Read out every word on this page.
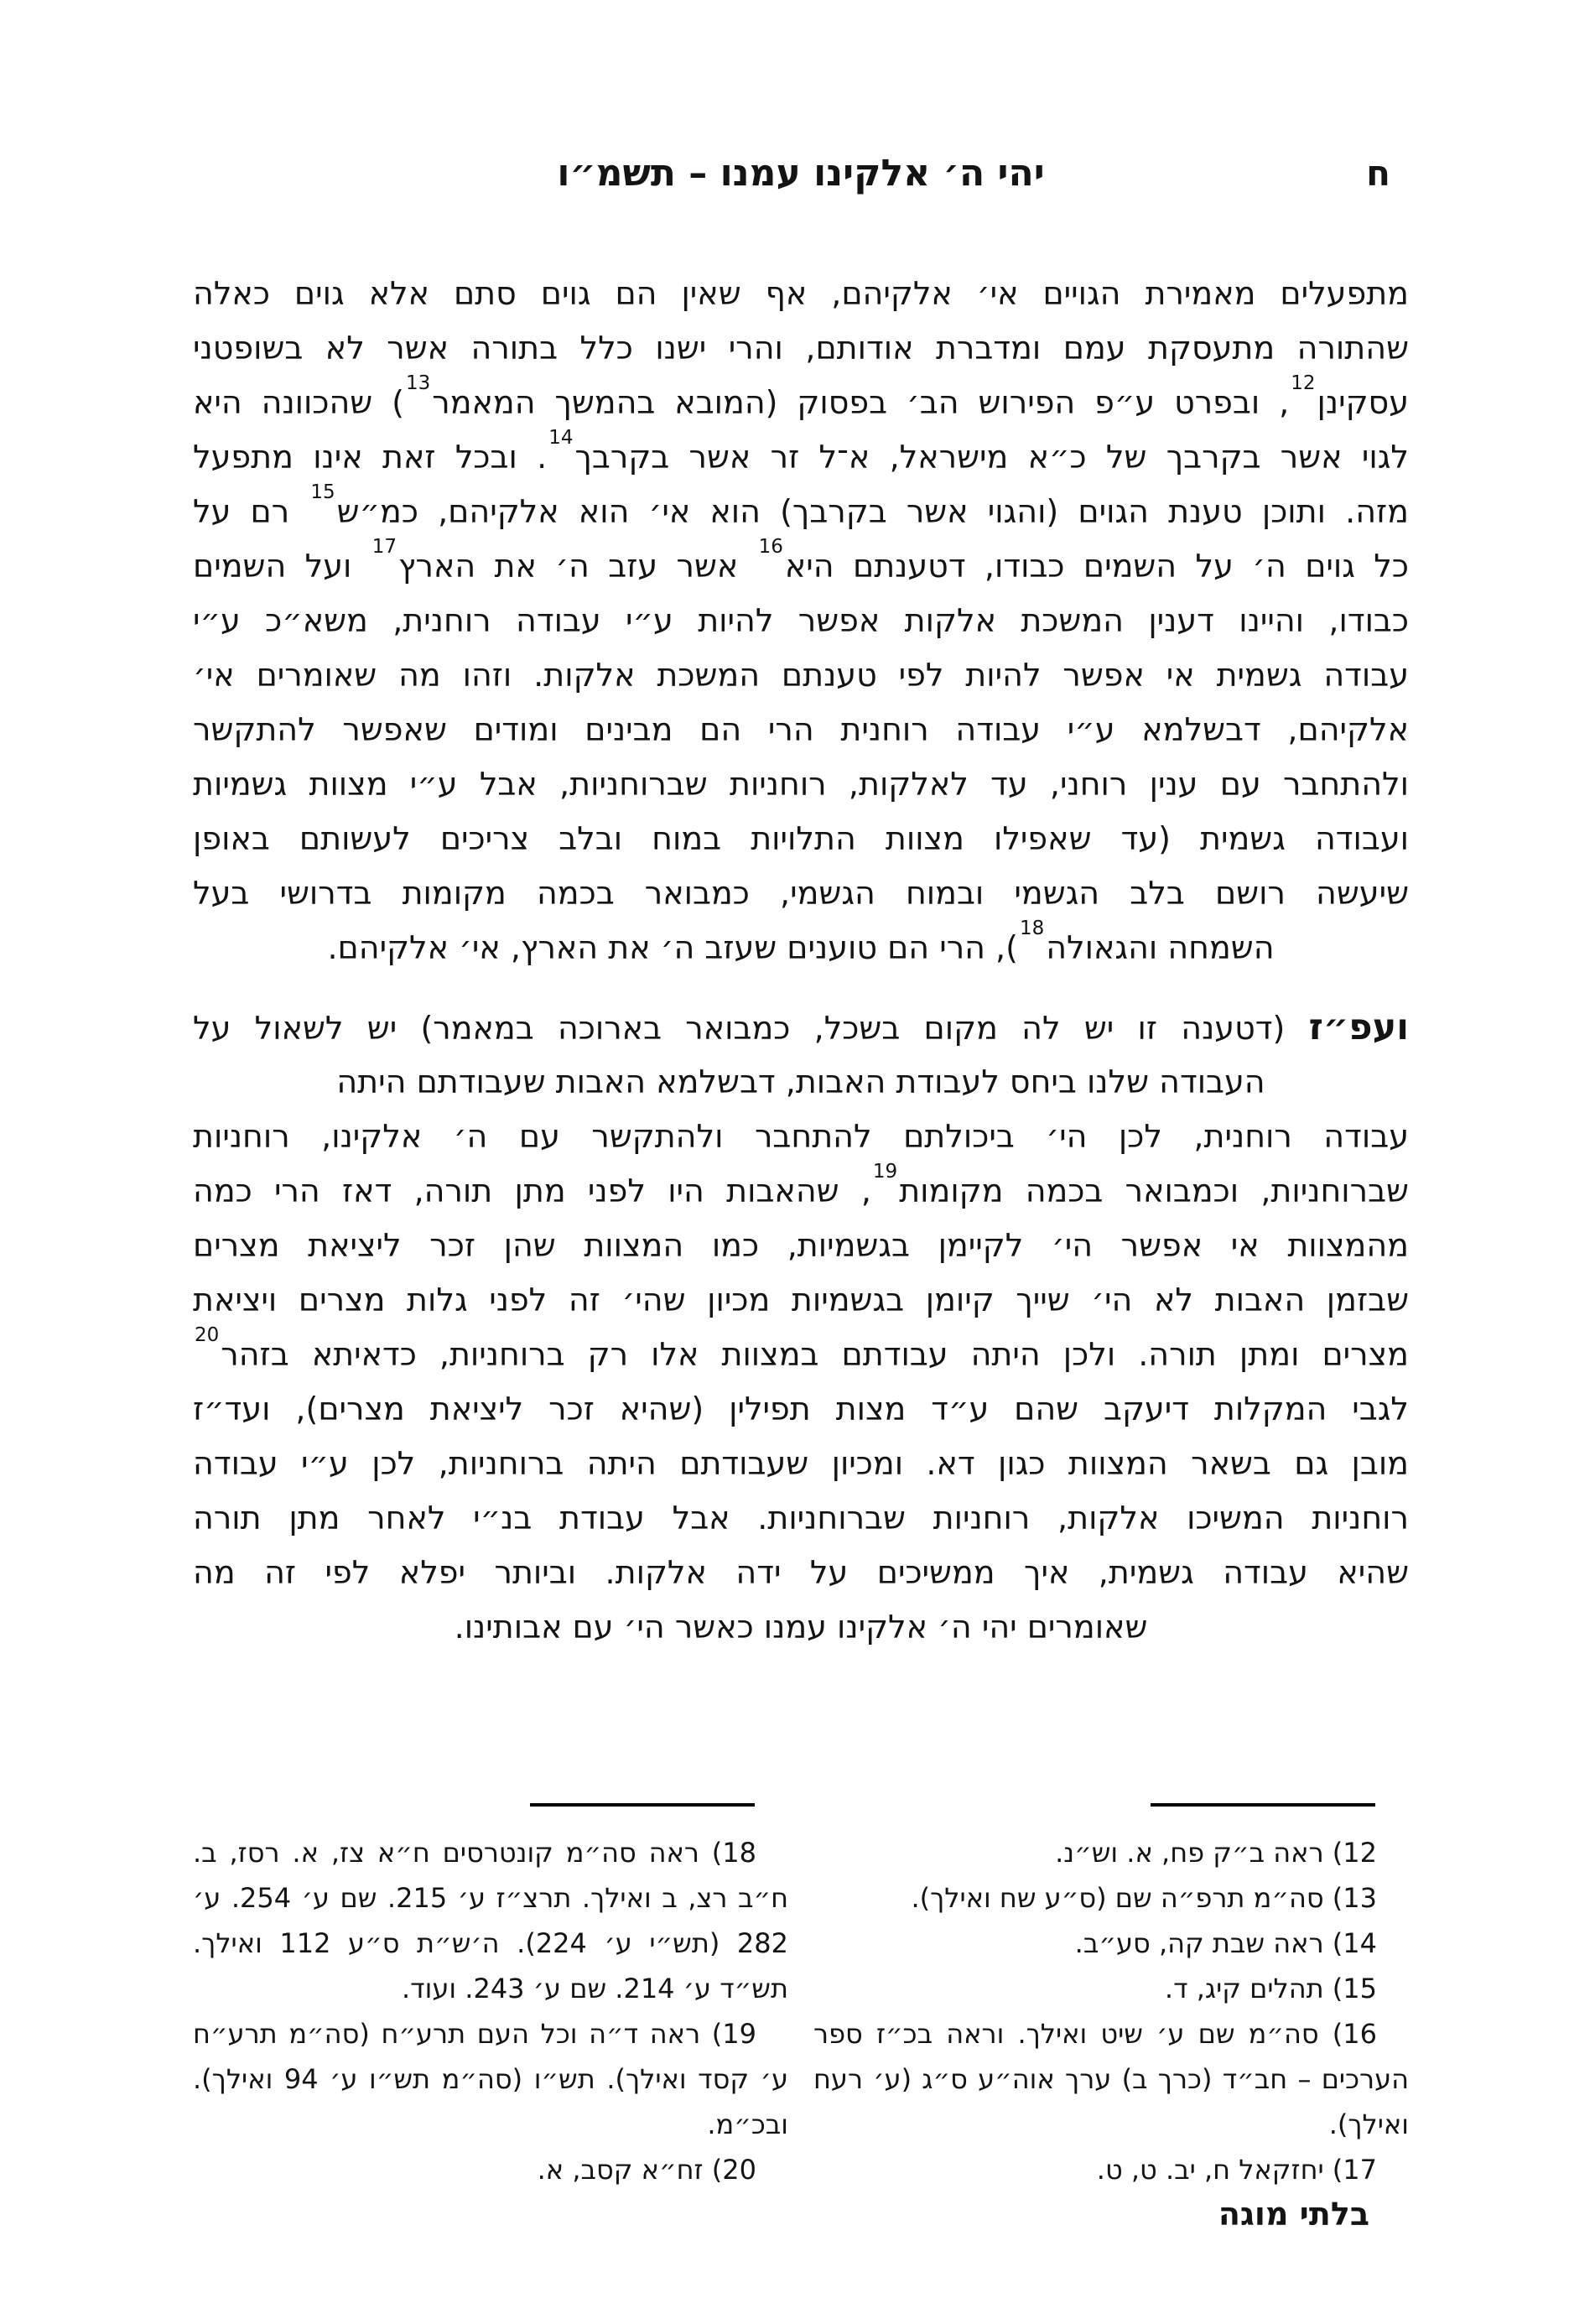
יהי ה׳ אלקינו עמנו – תשמ״ו	ח
מתפעלים מאמירת הגויים אי׳ אלקיהם, אף שאין הם גוים סתם אלא גוים כאלה
שהתורה מתעסקת עמם ומדברת אודותם, והרי ישנו כלל בתורה אשר לא בשופטני
עסקינן$^{12}$, ובפרט ע״פ הפירוש הב׳ בפסוק (המובא בהמשך המאמר$^{13}$) שהכוונה היא
לגוי אשר בקרבך של כ״א מישראל, א־ל זר אשר בקרבך$^{14}$. ובכל זאת אינו מתפעל
מזה. ותוכן טענת הגוים (והגוי אשר בקרבך) הוא אי׳ הוא אלקיהם, כמ״ש$^{15}$ רם על
כל גוים ה׳ על השמים כבודו, דטענתם היא$^{16}$ אשר עזב ה׳ את הארץ$^{17}$ ועל השמים
כבודו, והיינו דענין המשכת אלקות אפשר להיות ע״י עבודה רוחנית, משא״כ ע״י
עבודה גשמית אי אפשר להיות לפי טענתם המשכת אלקות. וזהו מה שאומרים אי׳
אלקיהם, דבשלמא ע״י עבודה רוחנית הרי הם מבינים ומודים שאפשר להתקשר
ולהתחבר עם ענין רוחני, עד לאלקות, רוחניות שברוחניות, אבל ע״י מצוות גשמיות
ועבודה גשמית (עד שאפילו מצוות התלויות במוח ובלב צריכים לעשותם באופן
שיעשה רושם בלב הגשמי ובמוח הגשמי, כמבואר בכמה מקומות בדרושי בעל
השמחה והגאולה$^{18}$), הרי הם טוענים שעזב ה׳ את הארץ, אי׳ אלקיהם.
ועפ״ז (דטענה זו יש לה מקום בשכל, כמבואר בארוכה במאמר) יש לשאול על
העבודה שלנו ביחס לעבודת האבות, דבשלמא האבות שעבודתם היתה
עבודה רוחנית, לכן הי׳ ביכולתם להתחבר ולהתקשר עם ה׳ אלקינו, רוחניות
שברוחניות, וכמבואר בכמה מקומות$^{19}$, שהאבות היו לפני מתן תורה, דאז הרי כמה
מהמצוות אי אפשר הי׳ לקיימן בגשמיות, כמו המצוות שהן זכר ליציאת מצרים
שבזמן האבות לא הי׳ שייך קיומן בגשמיות מכיון שהי׳ זה לפני גלות מצרים ויציאת
מצרים ומתן תורה. ולכן היתה עבודתם במצוות אלו רק ברוחניות, כדאיתא בזהר$^{20}$
לגבי המקלות דיעקב שהם ע״ד מצות תפילין (שהיא זכר ליציאת מצרים), ועד״ז
מובן גם בשאר המצוות כגון דא. ומכיון שעבודתם היתה ברוחניות, לכן ע״י עבודה
רוחניות המשיכו אלקות, רוחניות שברוחניות. אבל עבודת בנ״י לאחר מתן תורה
שהיא עבודה גשמית, איך ממשיכים על ידה אלקות. וביותר יפלא לפי זה מה
שאומרים יהי ה׳ אלקינו עמנו כאשר הי׳ עם אבותינו.
12) ראה ב״ק פח, א. וש״נ.
13) סה״מ תרפ״ה שם (ס״ע שח ואילך).
14) ראה שבת קה, סע״ב.
15) תהלים קיג, ד.
16) סה״מ שם ע׳ שיט ואילך. וראה בכ״ז ספר הערכים – חב״ד (כרך ב) ערך אוה״ע ס״ג (ע׳ רעח ואילך).
17) יחזקאל ח, יב. ט, ט.
18) ראה סה״מ קונטרסים ח״א צז, א. רסז, ב. ח״ב רצ, ב ואילך. תרצ״ז ע׳ 215. שם ע׳ 254. ע׳ 282 (תש״י ע׳ 224). ה׳ש״ת ס״ע 112 ואילך. תש״ד ע׳ 214. שם ע׳ 243. ועוד.
19) ראה ד״ה וכל העם תרע״ח (סה״מ תרע״ח ע׳ קסד ואילך). תש״ו (סה״מ תש״ו ע׳ 94 ואילך). ובכ״מ.
20) זח״א קסב, א.
בלתי מוגה
